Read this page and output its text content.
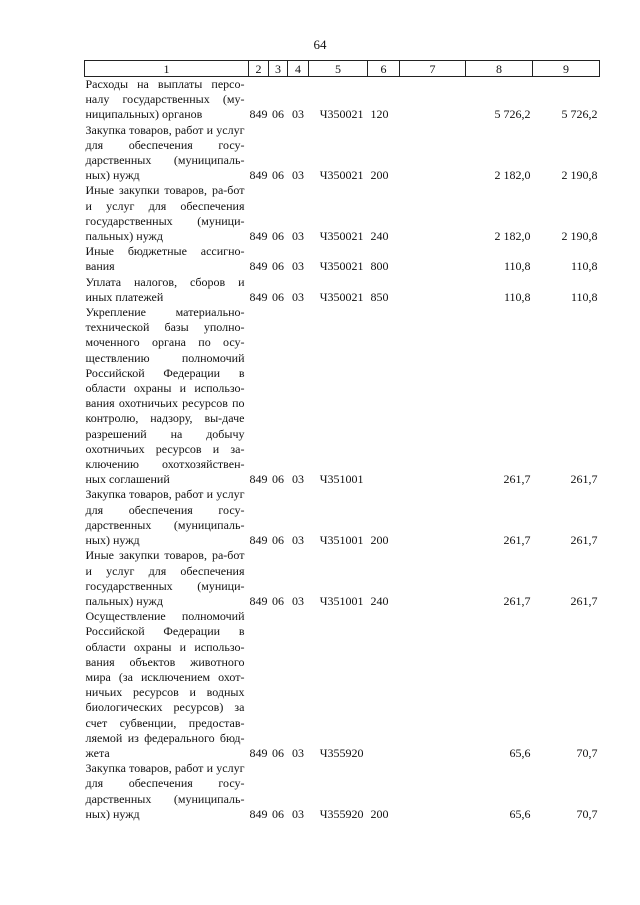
64
1	2	3	4	5	6	7	8	9
Расходы на выплаты персо-налу государственных (му-ниципальных) органов	849	06	03	Ч350021	120		5 726,2	5 726,2
Закупка товаров, работ и услуг для обеспечения госу-дарственных (муниципаль-ных) нужд	849	06	03	Ч350021	200		2 182,0	2 190,8
Иные закупки товаров, ра-бот и услуг для обеспечения государственных (муници-пальных) нужд	849	06	03	Ч350021	240		2 182,0	2 190,8
Иные бюджетные ассигно-вания	849	06	03	Ч350021	800		110,8	110,8
Уплата налогов, сборов и иных платежей	849	06	03	Ч350021	850		110,8	110,8
Укрепление материально-технической базы уполно-моченного органа по осу-ществлению полномочий Российской Федерации в области охраны и использо-вания охотничьих ресурсов по контролю, надзору, вы-даче разрешений на добычу охотничьих ресурсов и за-ключению охотхозяйствен-ных соглашений	849	06	03	Ч351001			261,7	261,7
Закупка товаров, работ и услуг для обеспечения госу-дарственных (муниципаль-ных) нужд	849	06	03	Ч351001	200		261,7	261,7
Иные закупки товаров, ра-бот и услуг для обеспечения государственных (муници-пальных) нужд	849	06	03	Ч351001	240		261,7	261,7
Осуществление полномочий Российской Федерации в области охраны и использо-вания объектов животного мира (за исключением охот-ничьих ресурсов и водных биологических ресурсов) за счет субвенции, предостав-ляемой из федерального бюд-жета	849	06	03	Ч355920			65,6	70,7
Закупка товаров, работ и услуг для обеспечения госу-дарственных (муниципаль-ных) нужд	849	06	03	Ч355920	200		65,6	70,7
